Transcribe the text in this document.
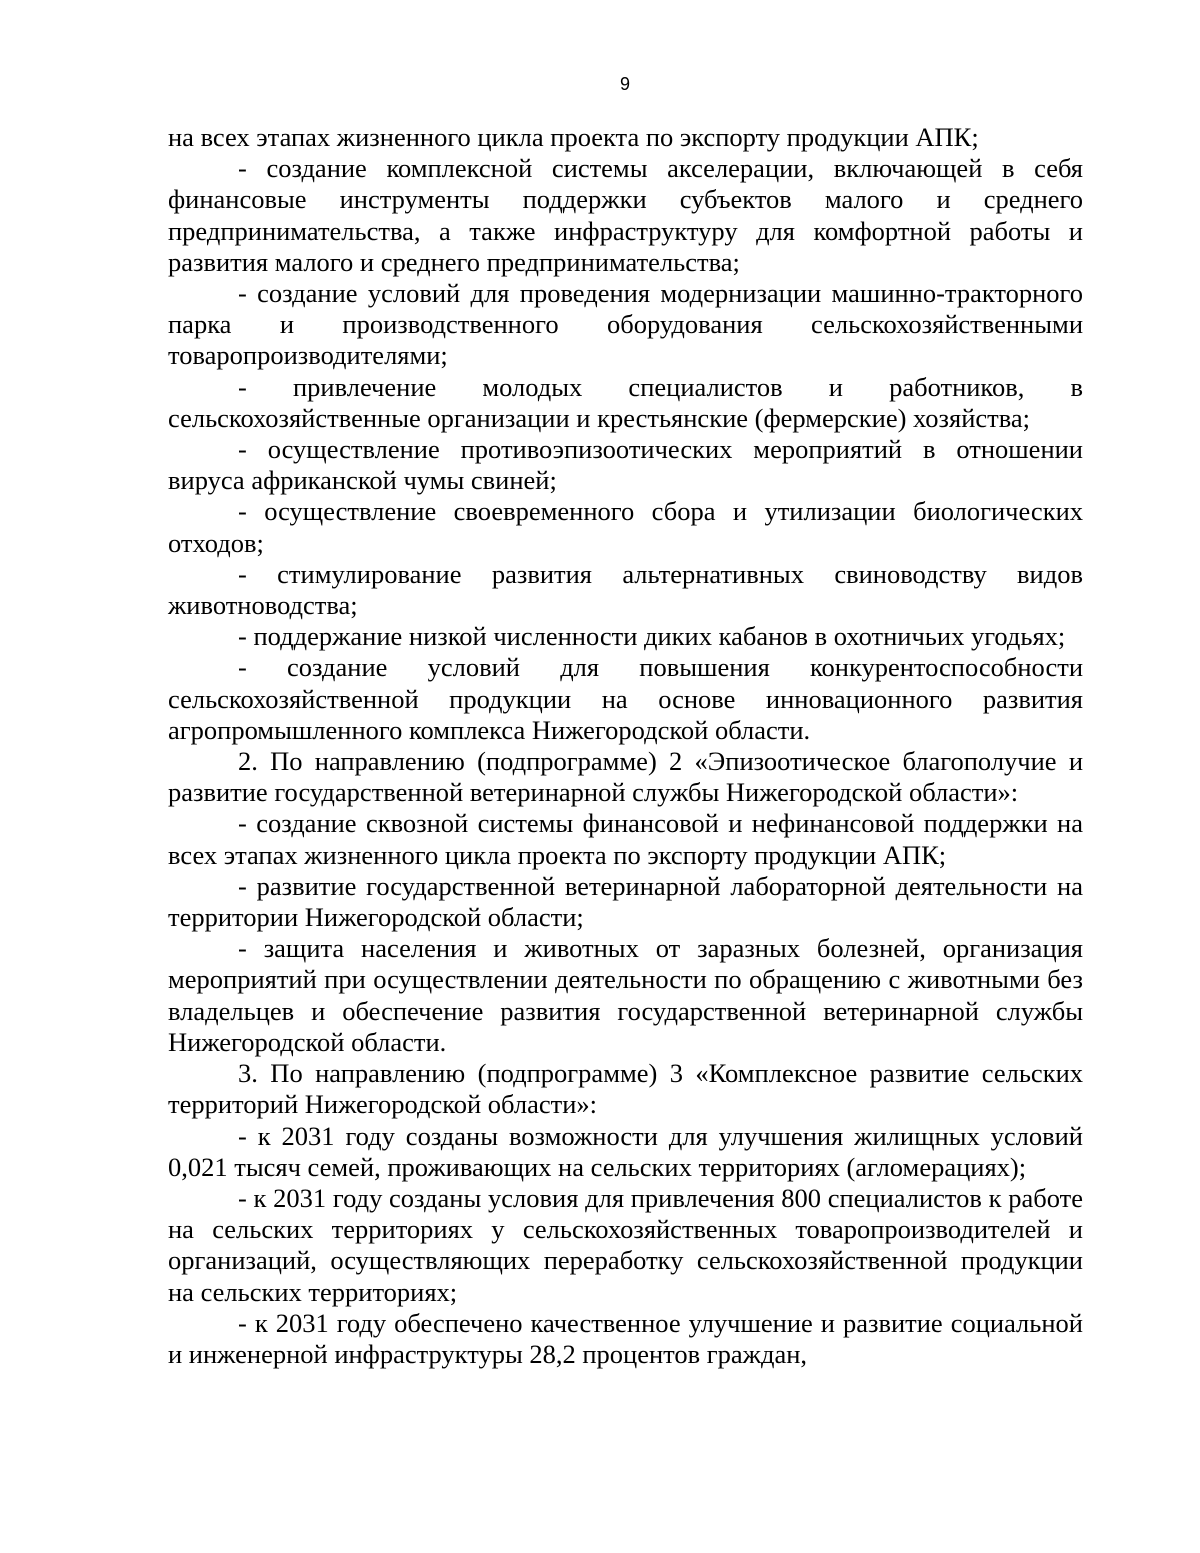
9

на всех этапах жизненного цикла проекта по экспорту продукции АПК;

- создание комплексной системы акселерации, включающей в себя финансовые инструменты поддержки субъектов малого и среднего предпринимательства, а также инфраструктуру для комфортной работы и развития малого и среднего предпринимательства;

- создание условий для проведения модернизации машинно-тракторного парка и производственного оборудования сельскохозяйственными товаропроизводителями;

- привлечение молодых специалистов и работников, в сельскохозяйственные организации и крестьянские (фермерские) хозяйства;

- осуществление противоэпизоотических мероприятий в отношении вируса африканской чумы свиней;

- осуществление своевременного сбора и утилизации биологических отходов;

- стимулирование развития альтернативных свиноводству видов животноводства;

- поддержание низкой численности диких кабанов в охотничьих угодьях;

- создание условий для повышения конкурентоспособности сельскохозяйственной продукции на основе инновационного развития агропромышленного комплекса Нижегородской области.

2. По направлению (подпрограмме) 2 «Эпизоотическое благополучие и развитие государственной ветеринарной службы Нижегородской области»:

- создание сквозной системы финансовой и нефинансовой поддержки на всех этапах жизненного цикла проекта по экспорту продукции АПК;

- развитие государственной ветеринарной лабораторной деятельности на территории Нижегородской области;

- защита населения и животных от заразных болезней, организация мероприятий при осуществлении деятельности по обращению с животными без владельцев и обеспечение развития государственной ветеринарной службы Нижегородской области.

3. По направлению (подпрограмме) 3 «Комплексное развитие сельских территорий Нижегородской области»:

- к 2031 году созданы возможности для улучшения жилищных условий 0,021 тысяч семей, проживающих на сельских территориях (агломерациях);

- к 2031 году созданы условия для привлечения 800 специалистов к работе на сельских территориях у сельскохозяйственных товаропроизводителей и организаций, осуществляющих переработку сельскохозяйственной продукции на сельских территориях;

- к 2031 году обеспечено качественное улучшение и развитие социальной и инженерной инфраструктуры 28,2 процентов граждан,
